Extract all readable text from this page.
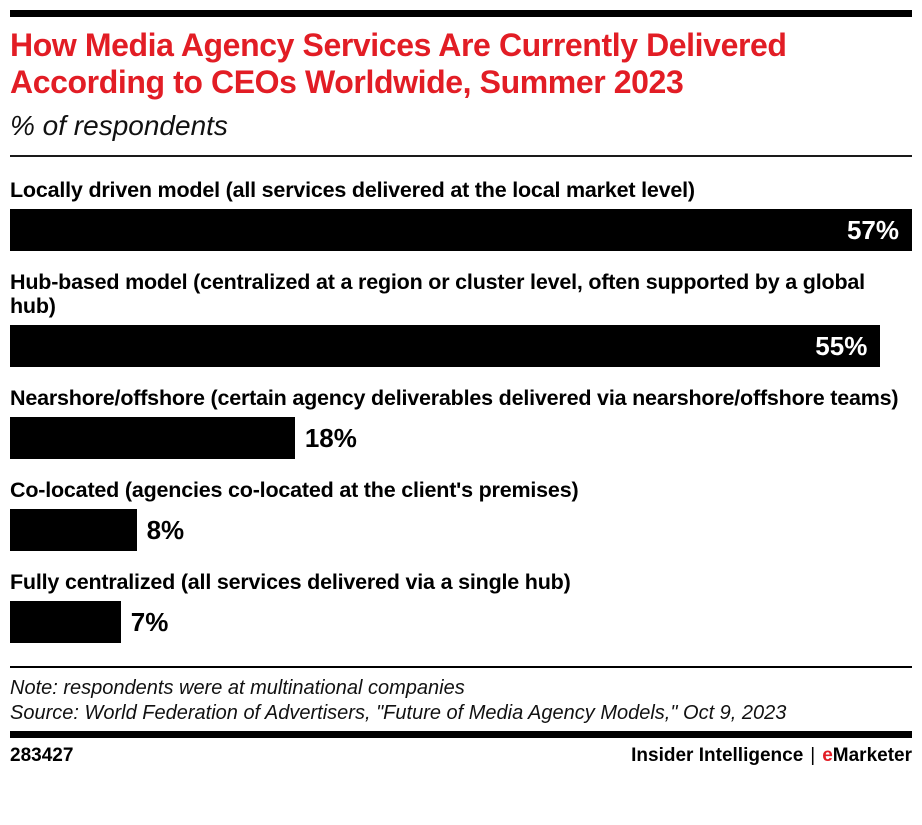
How Media Agency Services Are Currently Delivered According to CEOs Worldwide, Summer 2023
% of respondents
Locally driven model (all services delivered at the local market level)
57%
Hub-based model (centralized at a region or cluster level, often supported by a global hub)
55%
Nearshore/offshore (certain agency deliverables delivered via nearshore/offshore teams)
18%
Co-located (agencies co-located at the client's premises)
8%
Fully centralized (all services delivered via a single hub)
7%
Note: respondents were at multinational companies
Source: World Federation of Advertisers, "Future of Media Agency Models," Oct 9, 2023
283427	Insider Intelligence | eMarketer
